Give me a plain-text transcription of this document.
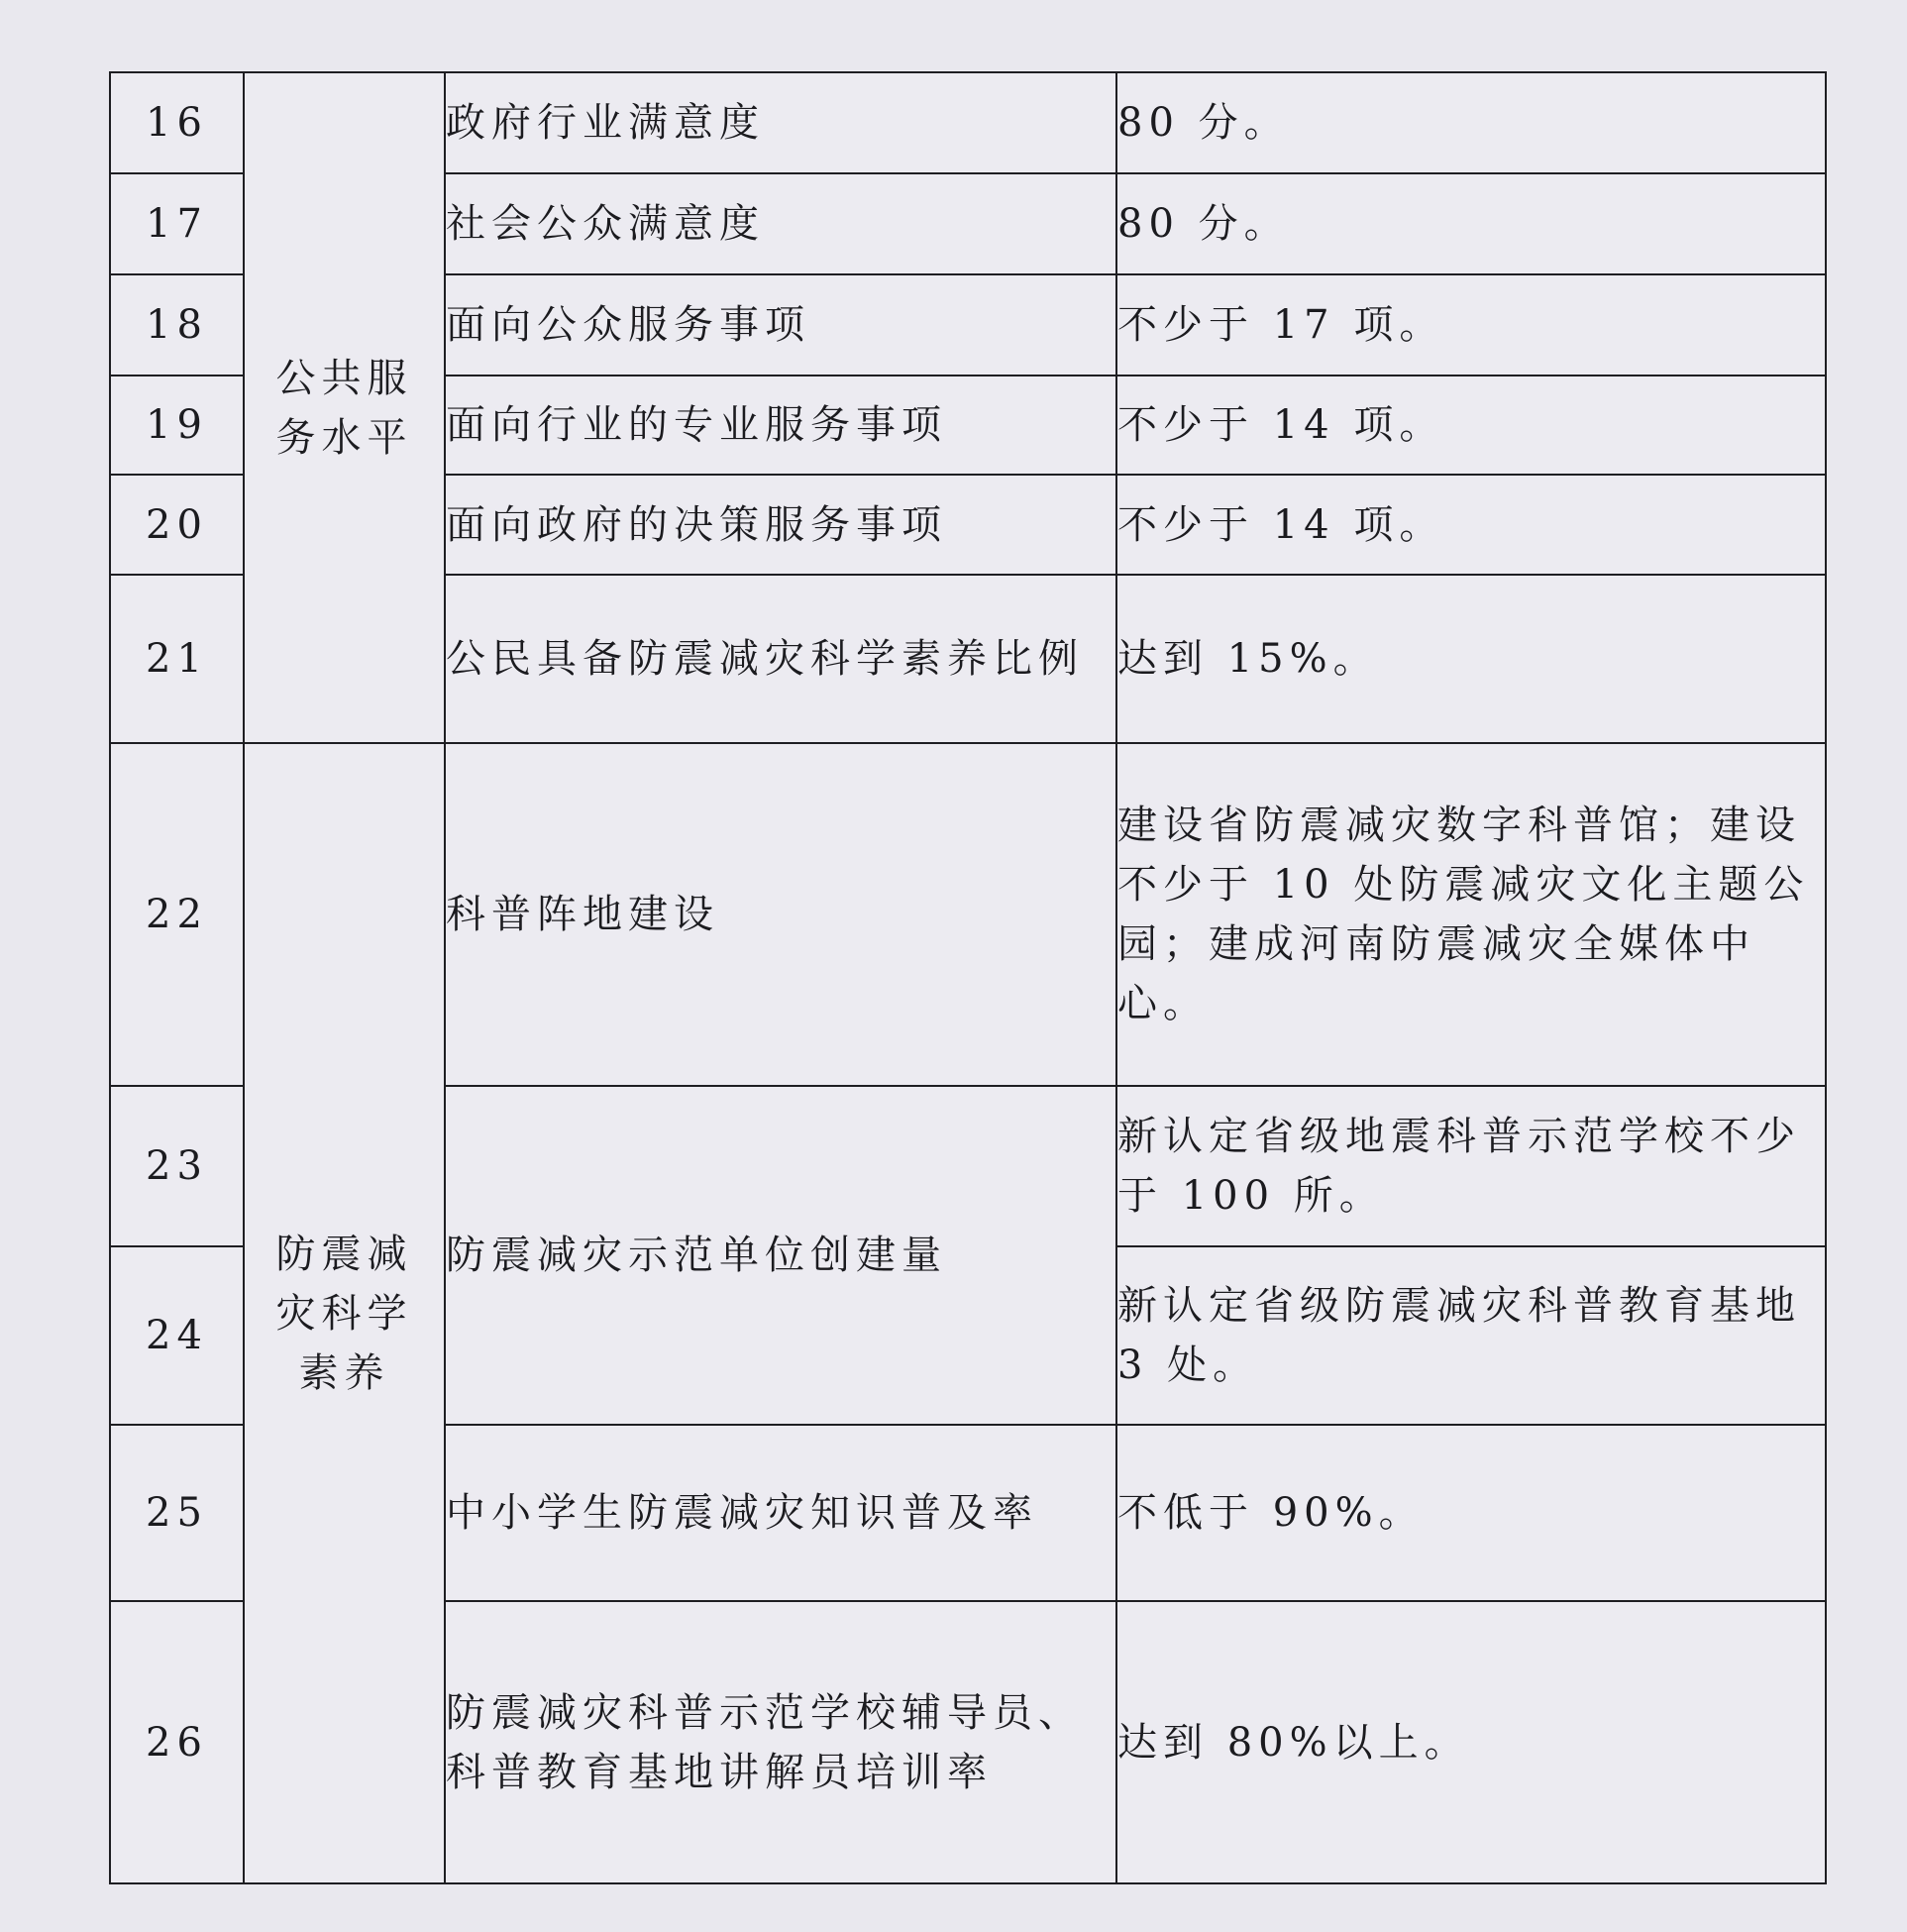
16	公共服务水平	政府行业满意度	80 分。
17		社会公众满意度	80 分。
18		面向公众服务事项	不少于 17 项。
19		面向行业的专业服务事项	不少于 14 项。
20		面向政府的决策服务事项	不少于 14 项。
21		公民具备防震减灾科学素养比例	达到 15%。
22	防震减灾科学素养	科普阵地建设	建设省防震减灾数字科普馆；建设不少于 10 处防震减灾文化主题公园；建成河南防震减灾全媒体中心。
23		防震减灾示范单位创建量	新认定省级地震科普示范学校不少于 100 所。
24			新认定省级防震减灾科普教育基地 3 处。
25		中小学生防震减灾知识普及率	不低于 90%。
26		防震减灾科普示范学校辅导员、科普教育基地讲解员培训率	达到 80%以上。
